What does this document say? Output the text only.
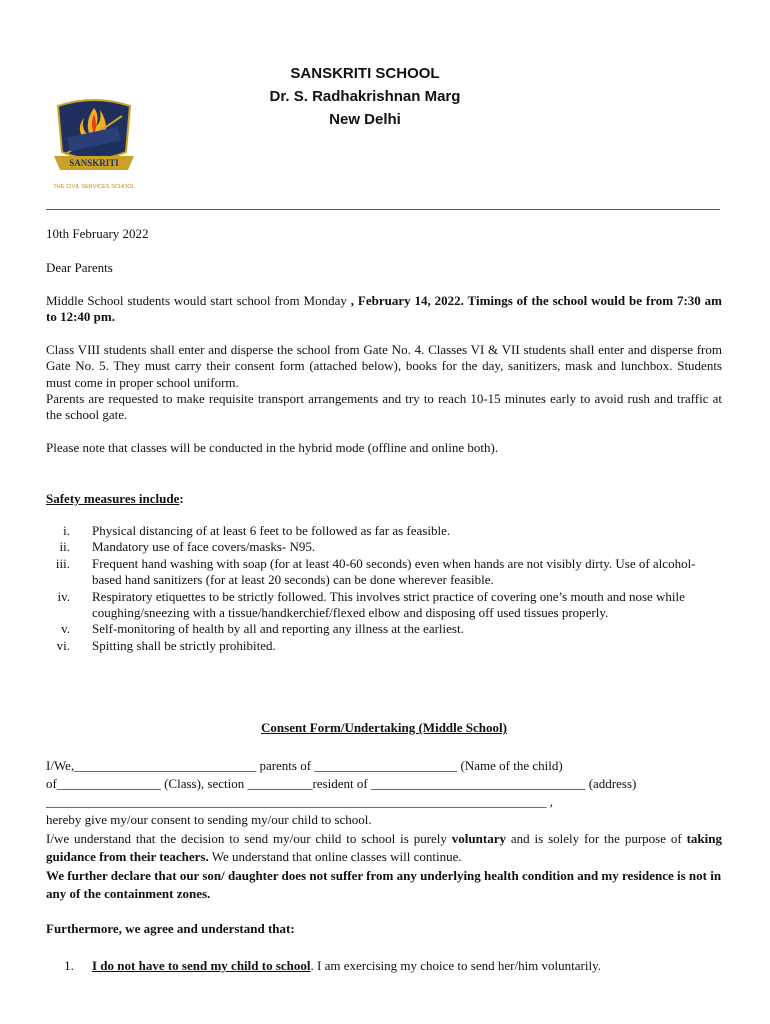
SANSKRITI
THE CIVIL SERVICES SCHOOL
SANSKRITI SCHOOL
Dr. S. Radhakrishnan Marg
New Delhi
10th February 2022
Dear Parents
Middle School students would start school from Monday , February 14, 2022. Timings of the school would be from 7:30 am to 12:40 pm.
Class VIII students shall enter and disperse the school from Gate No. 4. Classes VI & VII students shall enter and disperse from Gate No. 5. They must carry their consent form (attached below), books for the day, sanitizers, mask and lunchbox. Students must come in proper school uniform.
Parents are requested to make requisite transport arrangements and try to reach 10-15 minutes early to avoid rush and traffic at the school gate.
Please note that classes will be conducted in the hybrid mode (offline and online both).
Safety measures include:
i. Physical distancing of at least 6 feet to be followed as far as feasible.
ii. Mandatory use of face covers/masks- N95.
iii. Frequent hand washing with soap (for at least 40-60 seconds) even when hands are not visibly dirty. Use of alcohol-based hand sanitizers (for at least 20 seconds) can be done wherever feasible.
iv. Respiratory etiquettes to be strictly followed. This involves strict practice of covering one’s mouth and nose while coughing/sneezing with a tissue/handkerchief/flexed elbow and disposing off used tissues properly.
v. Self-monitoring of health by all and reporting any illness at the earliest.
vi. Spitting shall be strictly prohibited.
Consent Form/Undertaking (Middle School)
I/We,____________________________ parents of ______________________ (Name of the child)
of________________ (Class), section __________resident of _________________________________ (address)
_____________________________________________________________________________ ,
hereby give my/our consent to sending my/our child to school.
I/we understand that the decision to send my/our child to school is purely voluntary and is solely for the purpose of taking guidance from their teachers. We understand that online classes will continue.
We further declare that our son/ daughter does not suffer from any underlying health condition and my residence is not in any of the containment zones.
Furthermore, we agree and understand that:
1. I do not have to send my child to school. I am exercising my choice to send her/him voluntarily.
